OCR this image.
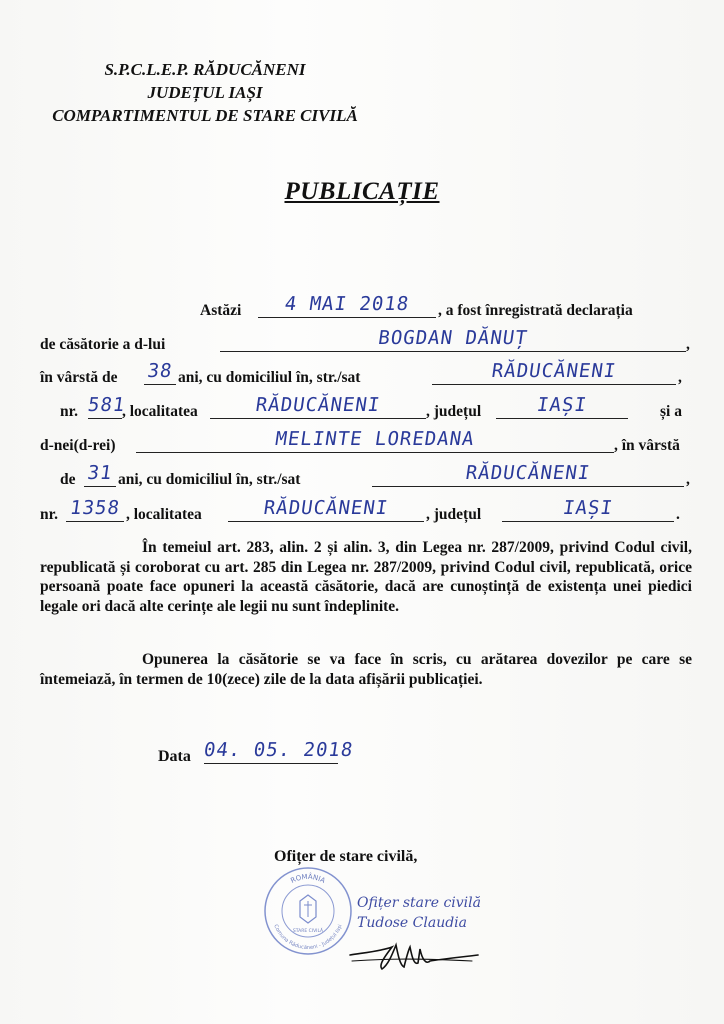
S.P.C.L.E.P. RĂDUCĂNENI
JUDEȚUL IAȘI
COMPARTIMENTUL DE STARE CIVILĂ
PUBLICAȚIE
Astăzi	4 MAI 2018	, a fost înregistrată declarația
de căsătorie a d-lui	BOGDAN DĂNUȚ	,
în vârstă de 38 ani, cu domiciliul în, str./sat	RĂDUCĂNENI	,
nr. 581
, localitatea	RĂDUCĂNENI	, județul	IAȘI	și a
d-nei(d-rei)	MELINTE LOREDANA	, în vârstă
de 31 ani, cu domiciliul în, str./sat	RĂDUCĂNENI	,
nr. 1358 , localitatea	RĂDUCĂNENI	, județul	IAȘI	.
În temeiul art. 283, alin. 2 și alin. 3, din Legea nr. 287/2009, privind Codul civil, republicată și coroborat cu art. 285 din Legea nr. 287/2009, privind Codul civil, republicată, orice persoană poate face opuneri la această căsătorie, dacă are cunoștință de existența unei piedici legale ori dacă alte cerințe ale legii nu sunt îndeplinite.
Opunerea la căsătorie se va face în scris, cu arătarea dovezilor pe care se întemeiază, în termen de 10(zece) zile de la data afișării publicației.
Data 04. 05. 2018
Ofițer de stare civilă,
ROMÂNIA
STARE CIVILĂ
Comuna Răducăneni - Județul Iași
Ofițer stare civilă
Tudose Claudia
